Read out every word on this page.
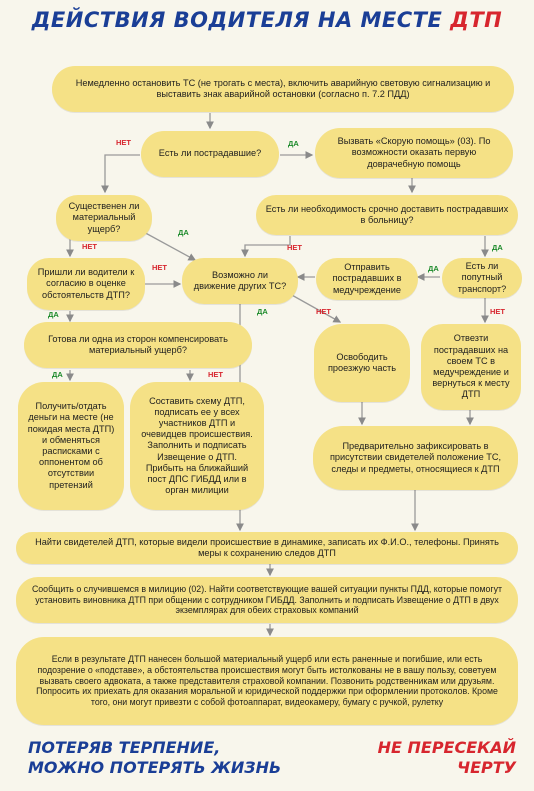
ДЕЙСТВИЯ ВОДИТЕЛЯ НА МЕСТЕ ДТП
Немедленно остановить ТС (не трогать с места), включить аварийную световую сигнализацию и выставить знак аварийной остановки (согласно п. 7.2 ПДД)
Есть ли пострадавшие?
Вызвать «Скорую помощь» (03). По возможности оказать первую доврачебную помощь
Существенен ли материальный ущерб?
Есть ли необходимость срочно доставить пострадавших в больницу?
Пришли ли водители к согласию в оценке обстоятельств ДТП?
Возможно ли движение других ТС?
Отправить пострадавших в медучреждение
Есть ли попутный транспорт?
Готова ли одна из сторон компенсировать материальный ущерб?
Освободить проезжую часть
Отвезти пострадавших на своем ТС в медучреждение и вернуться к месту ДТП
Получить/отдать деньги на месте (не покидая места ДТП) и обменяться расписками с оппонентом об отсутствии претензий
Составить схему ДТП, подписать ее у всех участников ДТП и очевидцев происшествия. Заполнить и подписать Извещение о ДТП. Прибыть на ближайший пост ДПС ГИБДД или в орган милиции
Предварительно зафиксировать в присутствии свидетелей положение ТС, следы и предметы, относящиеся к ДТП
Найти свидетелей ДТП, которые видели происшествие в динамике, записать их Ф.И.О., телефоны. Принять меры к сохранению следов ДТП
Сообщить о случившемся в милицию (02). Найти соответствующие вашей ситуации пункты ПДД, которые помогут установить виновника ДТП при общении с сотрудником ГИБДД. Заполнить и подписать Извещение о ДТП в двух экземплярах для обеих страховых компаний
Если в результате ДТП нанесен большой материальный ущерб или есть раненные и погибшие, или есть подозрение о «подставе», а обстоятельства происшествия могут быть истолкованы не в вашу пользу, советуем вызвать своего адвоката, а также представителя страховой компании. Позвонить родственникам или друзьям. Попросить их приехать для оказания моральной и юридической поддержки при оформлении протоколов. Кроме того, они могут привезти с собой фотоаппарат, видеокамеру, бумагу с ручкой, рулетку
НЕТ	ДА
НЕТ
ДА
НЕТ	ДА
НЕТ	ДА
ДА	ДА	НЕТ	НЕТ
ДА	НЕТ
ПОТЕРЯВ ТЕРПЕНИЕ,
МОЖНО ПОТЕРЯТЬ ЖИЗНЬ
НЕ ПЕРЕСЕКАЙ
ЧЕРТУ
